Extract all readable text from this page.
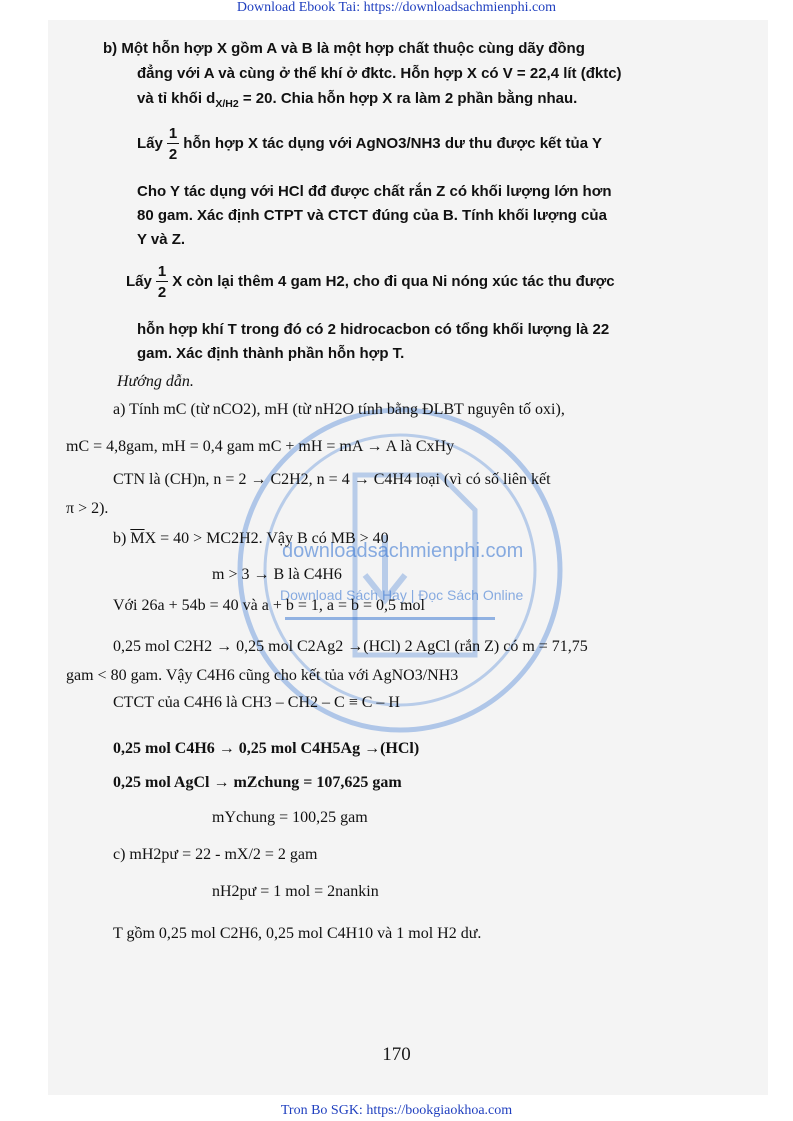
Download Ebook Tai: https://downloadsachmienphi.com
downloadsachmienphi.com
Download Sách Hay | Đọc Sách Online
b) Một hỗn hợp X gồm A và B là một hợp chất thuộc cùng dãy đồng
đẳng với A và cùng ở thể khí ở đktc. Hỗn hợp X có V = 22,4 lít (đktc)
và tỉ khối $d_{X/H2} = 20$. Chia hỗn hợp X ra làm 2 phần bằng nhau.
Lấy $\frac{1}{2}$ hỗn hợp X tác dụng với AgNO3/NH3 dư thu được kết tủa Y
Cho Y tác dụng với HCl đđ được chất rắn Z có khối lượng lớn hơn
80 gam. Xác định CTPT và CTCT đúng của B. Tính khối lượng của
Y và Z.
Lấy $\frac{1}{2}$ X còn lại thêm 4 gam H2, cho đi qua Ni nóng xúc tác thu được
hỗn hợp khí T trong đó có 2 hidrocacbon có tổng khối lượng là 22
gam. Xác định thành phần hỗn hợp T.
Hướng dẫn.
a) Tính mC (từ nCO2), mH (từ nH2O tính bằng ĐLBT nguyên tố oxi),
mC = 4,8gam, mH = 0,4 gam mC + mH = mA → A là CxHy
CTN là (CH)n, n = 2 → C2H2, n = 4 → C4H4 loại (vì có số liên kết
π > 2).
b) $\overline{M}X = 40 > MC2H2$. Vậy B có MB > 40
m > 3 → B là C4H6
Với 26a + 54b = 40 và a + b = 1, a = b = 0,5 mol
0,25 mol C2H2 → 0,25 mol C2Ag2 →(HCl) 2 AgCl (rắn Z) có m = 71,75
gam < 80 gam. Vậy C4H6 cũng cho kết tủa với AgNO3/NH3
CTCT của C4H6 là CH3 – CH2 – C ≡ C – H
0,25 mol C4H6 → 0,25 mol C4H5Ag →(HCl)
0,25 mol AgCl → mZchung = 107,625 gam
mYchung = 100,25 gam
c) mH2pư = 22 - mX/2 = 2 gam
nH2pư = 1 mol = 2nankin
T gồm 0,25 mol C2H6, 0,25 mol C4H10 và 1 mol H2 dư.
170
Tron Bo SGK: https://bookgiaokhoa.com
